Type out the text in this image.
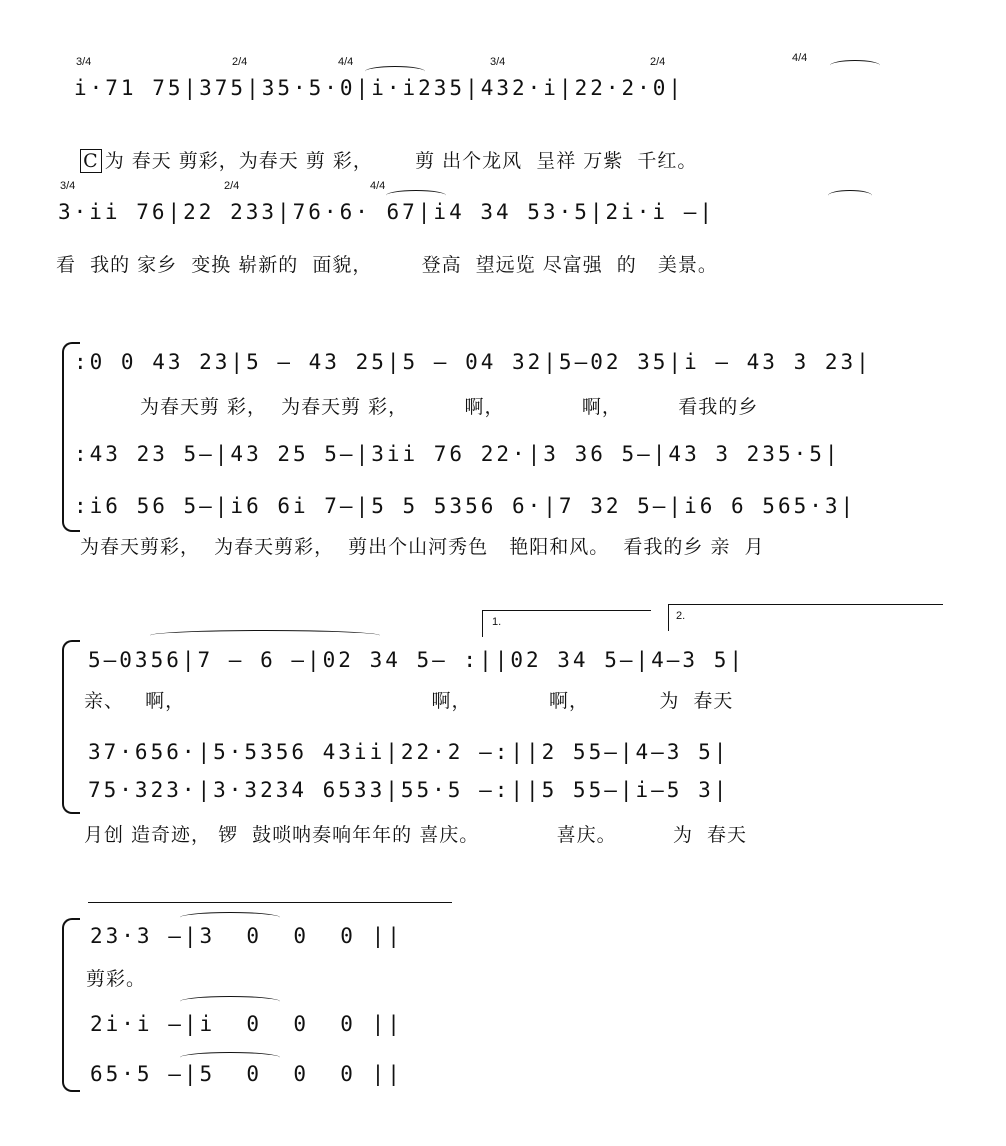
3/4	2/4	4/4	3/4	2/4	4/4
i·71 75|375|35·5·0|i·i235|432·i|22·2·0|

C 为 春天 剪彩，为春天 剪 彩，      剪 出个龙风  呈祥 万紫  千红。

3/4	2/4	4/4
3·ii 76|22 233|76·6· 67|i4 34 53·5|2i·i —|
看  我的 家乡  变换 崭新的  面貌，       登高  望远览 尽富强  的   美景。
:0 0 43 23|5 — 43 25|5 — 04 32|5—02 35|i — 43 3 23|
为春天剪 彩，  为春天剪 彩，        啊，           啊，        看我的乡
:43 23 5—|43 25 5—|3ii 76 22·|3 36 5—|43 3 235·5|
:i6 56 5—|i6 6i 7—|5 5 5356 6·|7 32 5—|i6 6 565·3|
为春天剪彩，  为春天剪彩，  剪出个山河秀色   艳阳和风。  看我的乡 亲  月
1.	2.
5—0356|7 — 6 —|02 34 5— :||02 34 5—|4—3 5|
亲、   啊，                                   啊，           啊，          为  春天
37·656·|5·5356 43ii|22·2 —:||2 55—|4—3 5|
75·323·|3·3234 6533|55·5 —:||5 55—|i—5 3|
月创 造奇迹， 锣  鼓唢呐奏响年年的 喜庆。           喜庆。        为  春天
23·3 —|3  0  0  0 ||
剪彩。
2i·i —|i  0  0  0 ||
65·5 —|5  0  0  0 ||
